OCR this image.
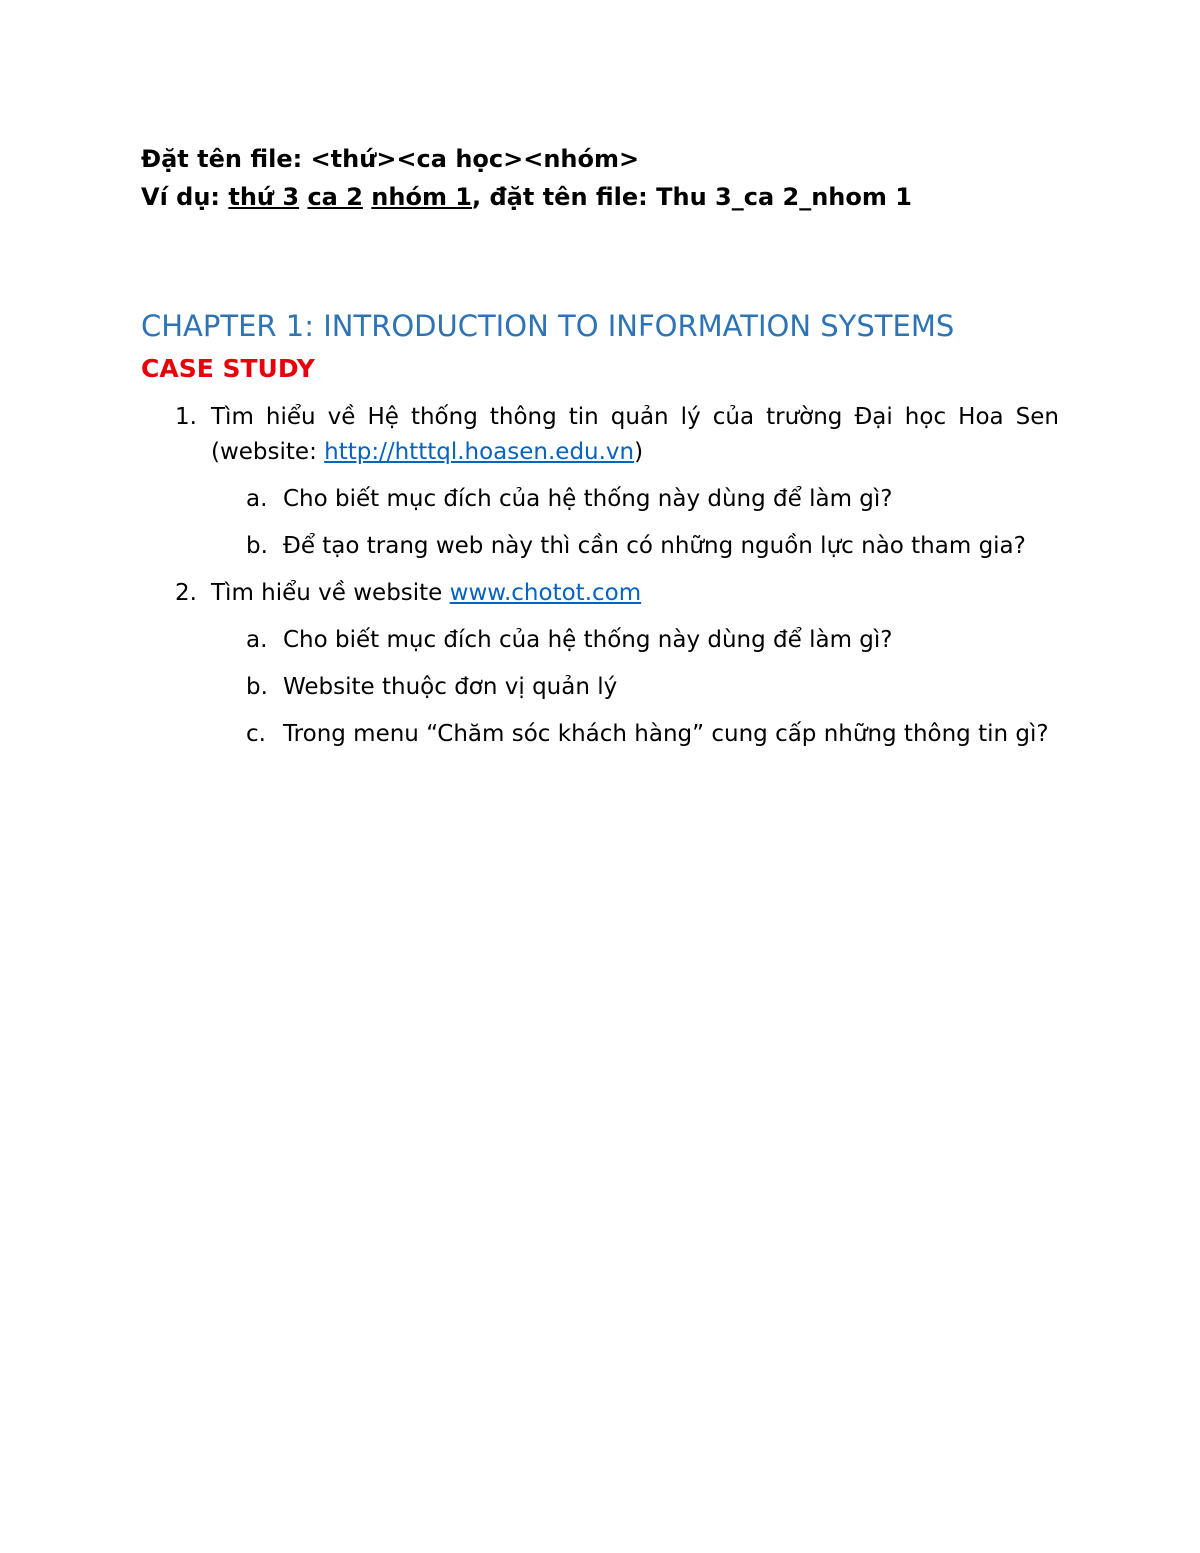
Đặt tên file: <thứ><ca học><nhóm>
Ví dụ: thứ 3 ca 2 nhóm 1, đặt tên file: Thu 3_ca 2_nhom 1
CHAPTER 1: INTRODUCTION TO INFORMATION SYSTEMS
CASE STUDY
1. Tìm hiểu về Hệ thống thông tin quản lý của trường Đại học Hoa Sen (website: http://htttql.hoasen.edu.vn)
a. Cho biết mục đích của hệ thống này dùng để làm gì?
b. Để tạo trang web này thì cần có những nguồn lực nào tham gia?
2. Tìm hiểu về website www.chotot.com
a. Cho biết mục đích của hệ thống này dùng để làm gì?
b. Website thuộc đơn vị quản lý
c. Trong menu “Chăm sóc khách hàng” cung cấp những thông tin gì?
